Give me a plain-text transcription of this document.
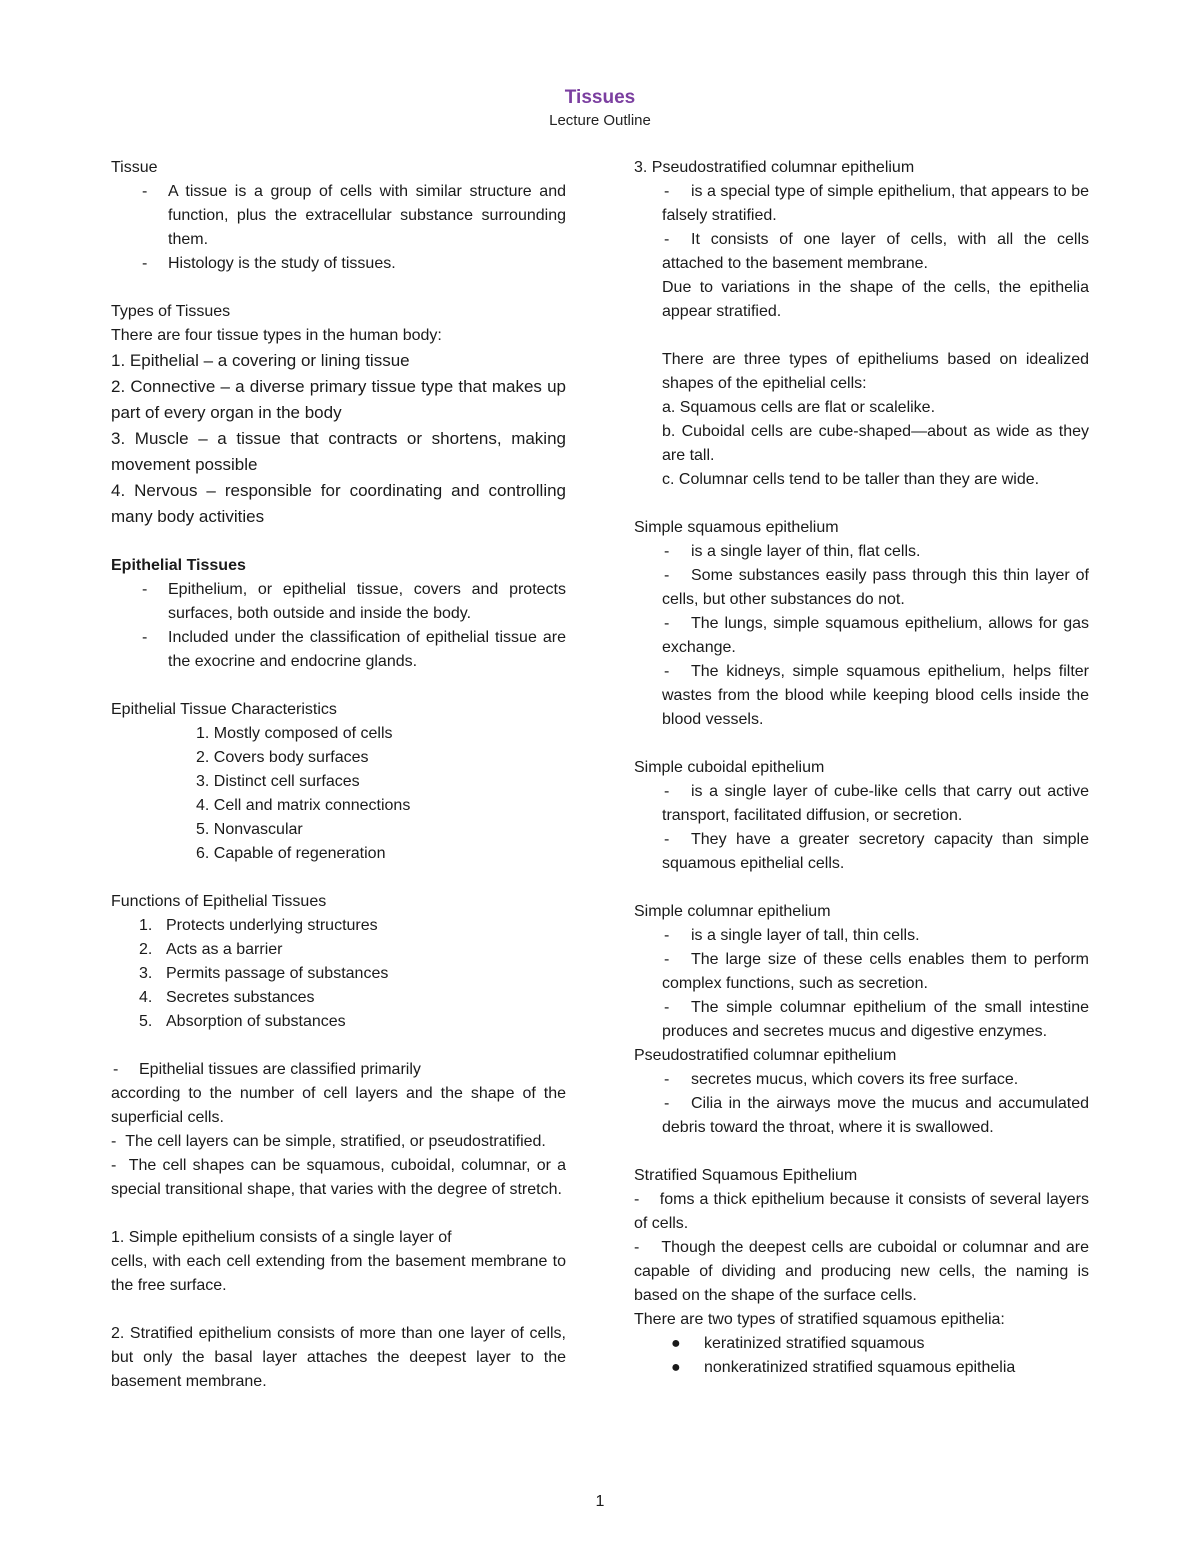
Tissues
Lecture Outline

Tissue

- A tissue is a group of cells with similar structure and function, plus the extracellular substance surrounding them.

- Histology is the study of tissues.

Types of Tissues

There are four tissue types in the human body:

1. Epithelial – a covering or lining tissue

2. Connective – a diverse primary tissue type that makes up part of every organ in the body

3. Muscle – a tissue that contracts or shortens, making movement possible

4. Nervous – responsible for coordinating and controlling many body activities

Epithelial Tissues

- Epithelium, or epithelial tissue, covers and protects surfaces, both outside and inside the body.

- Included under the classification of epithelial tissue are the exocrine and endocrine glands.

Epithelial Tissue Characteristics

1. Mostly composed of cells

2. Covers body surfaces

3. Distinct cell surfaces

4. Cell and matrix connections

5. Nonvascular

6. Capable of regeneration

Functions of Epithelial Tissues

1. Protects underlying structures
2. Acts as a barrier
3. Permits passage of substances
4. Secretes substances
5. Absorption of substances

- Epithelial tissues are classified primarily

according to the number of cell layers and the shape of the superficial cells.

-  The cell layers can be simple, stratified, or pseudostratified.

-  The cell shapes can be squamous, cuboidal, columnar, or a special transitional shape, that varies with the degree of stretch.

1. Simple epithelium consists of a single layer of

cells, with each cell extending from the basement membrane to the free surface.

2. Stratified epithelium consists of more than one layer of cells, but only the basal layer attaches the deepest layer to the basement membrane.

3. Pseudostratified columnar epithelium

- is a special type of simple epithelium, that appears to be falsely stratified.

- It consists of one layer of cells, with all the cells attached to the basement membrane.

Due to variations in the shape of the cells, the epithelia appear stratified.

There are three types of epitheliums based on idealized shapes of the epithelial cells:

a. Squamous cells are flat or scalelike.

b. Cuboidal cells are cube-shaped—about as wide as they are tall.

c. Columnar cells tend to be taller than they are wide.

Simple squamous epithelium

- is a single layer of thin, flat cells.

- Some substances easily pass through this thin layer of cells, but other substances do not.

- The lungs, simple squamous epithelium, allows for gas exchange.

- The kidneys, simple squamous epithelium, helps filter wastes from the blood while keeping blood cells inside the blood vessels.

Simple cuboidal epithelium

- is a single layer of cube-like cells that carry out active transport, facilitated diffusion, or secretion.

- They have a greater secretory capacity than simple squamous epithelial cells.

Simple columnar epithelium

- is a single layer of tall, thin cells.

- The large size of these cells enables them to perform complex functions, such as secretion.

- The simple columnar epithelium of the small intestine produces and secretes mucus and digestive enzymes.

Pseudostratified columnar epithelium

- secretes mucus, which covers its free surface.

- Cilia in the airways move the mucus and accumulated debris toward the throat, where it is swallowed.

Stratified Squamous Epithelium

-    foms a thick epithelium because it consists of several layers of cells.

-    Though the deepest cells are cuboidal or columnar and are capable of dividing and producing new cells, the naming is based on the shape of the surface cells.

There are two types of stratified squamous epithelia:

● keratinized stratified squamous
● nonkeratinized stratified squamous epithelia
1
